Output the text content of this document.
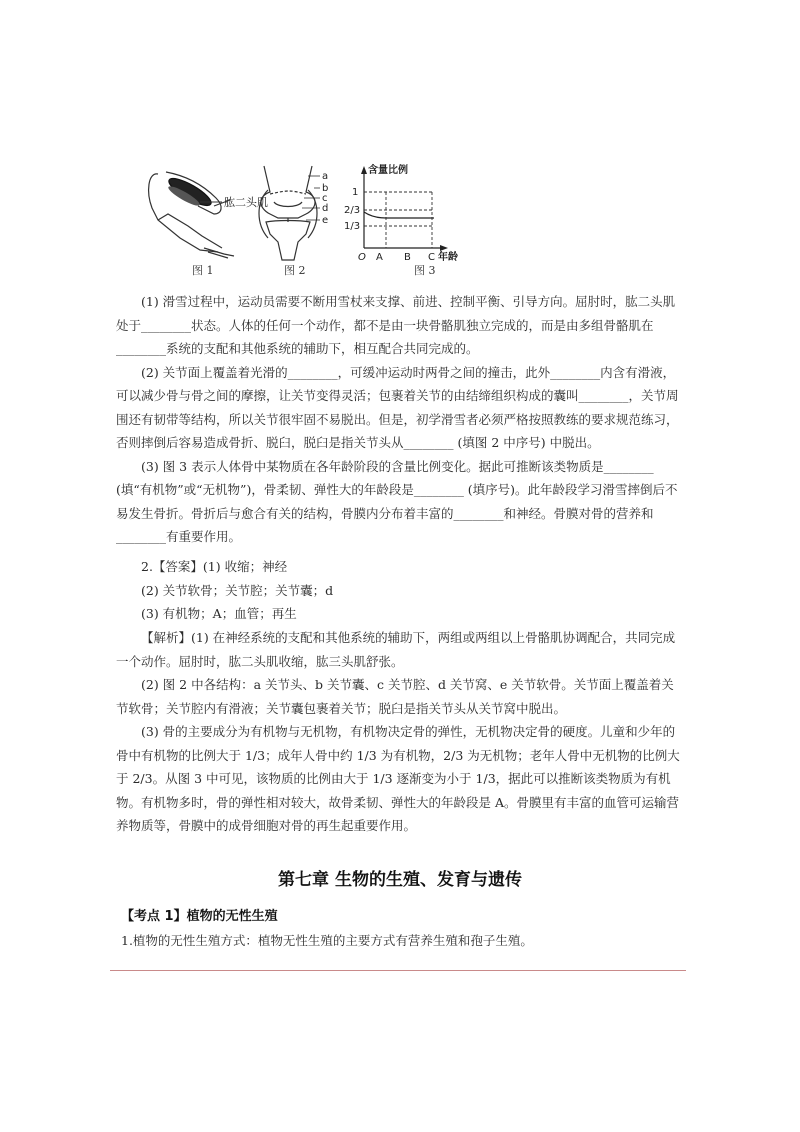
肱二头肌
a
b
c
d
e
含量比例
1
2/3
1/3
O A B C 年龄
图 1	图 2	图 3

(1) 滑雪过程中，运动员需要不断用雪杖来支撑、前进、控制平衡、引导方向。屈肘时，肱二头肌处于________状态。人体的任何一个动作，都不是由一块骨骼肌独立完成的，而是由多组骨骼肌在________系统的支配和其他系统的辅助下，相互配合共同完成的。

(2) 关节面上覆盖着光滑的________，可缓冲运动时两骨之间的撞击，此外________内含有滑液，可以减少骨与骨之间的摩擦，让关节变得灵活；包裹着关节的由结缔组织构成的囊叫________，关节周围还有韧带等结构，所以关节很牢固不易脱出。但是，初学滑雪者必须严格按照教练的要求规范练习，否则摔倒后容易造成骨折、脱臼，脱臼是指关节头从________ (填图 2 中序号) 中脱出。

(3) 图 3 表示人体骨中某物质在各年龄阶段的含量比例变化。据此可推断该类物质是________ (填“有机物”或“无机物”)，骨柔韧、弹性大的年龄段是________ (填序号)。此年龄段学习滑雪摔倒后不易发生骨折。骨折后与愈合有关的结构，骨膜内分布着丰富的________和神经。骨膜对骨的营养和________有重要作用。

2.【答案】(1) 收缩；神经

(2) 关节软骨；关节腔；关节囊；d

(3) 有机物；A；血管；再生

【解析】(1) 在神经系统的支配和其他系统的辅助下，两组或两组以上骨骼肌协调配合，共同完成一个动作。屈肘时，肱二头肌收缩，肱三头肌舒张。

(2) 图 2 中各结构：a 关节头、b 关节囊、c 关节腔、d 关节窝、e 关节软骨。关节面上覆盖着关节软骨；关节腔内有滑液；关节囊包裹着关节；脱臼是指关节头从关节窝中脱出。

(3) 骨的主要成分为有机物与无机物，有机物决定骨的弹性，无机物决定骨的硬度。儿童和少年的骨中有机物的比例大于 1/3；成年人骨中约 1/3 为有机物，2/3 为无机物；老年人骨中无机物的比例大于 2/3。从图 3 中可见，该物质的比例由大于 1/3 逐渐变为小于 1/3，据此可以推断该类物质为有机物。有机物多时，骨的弹性相对较大，故骨柔韧、弹性大的年龄段是 A。骨膜里有丰富的血管可运输营养物质等，骨膜中的成骨细胞对骨的再生起重要作用。

第七章 生物的生殖、发育与遗传
【考点 1】植物的无性生殖
1.植物的无性生殖方式：植物无性生殖的主要方式有营养生殖和孢子生殖。
